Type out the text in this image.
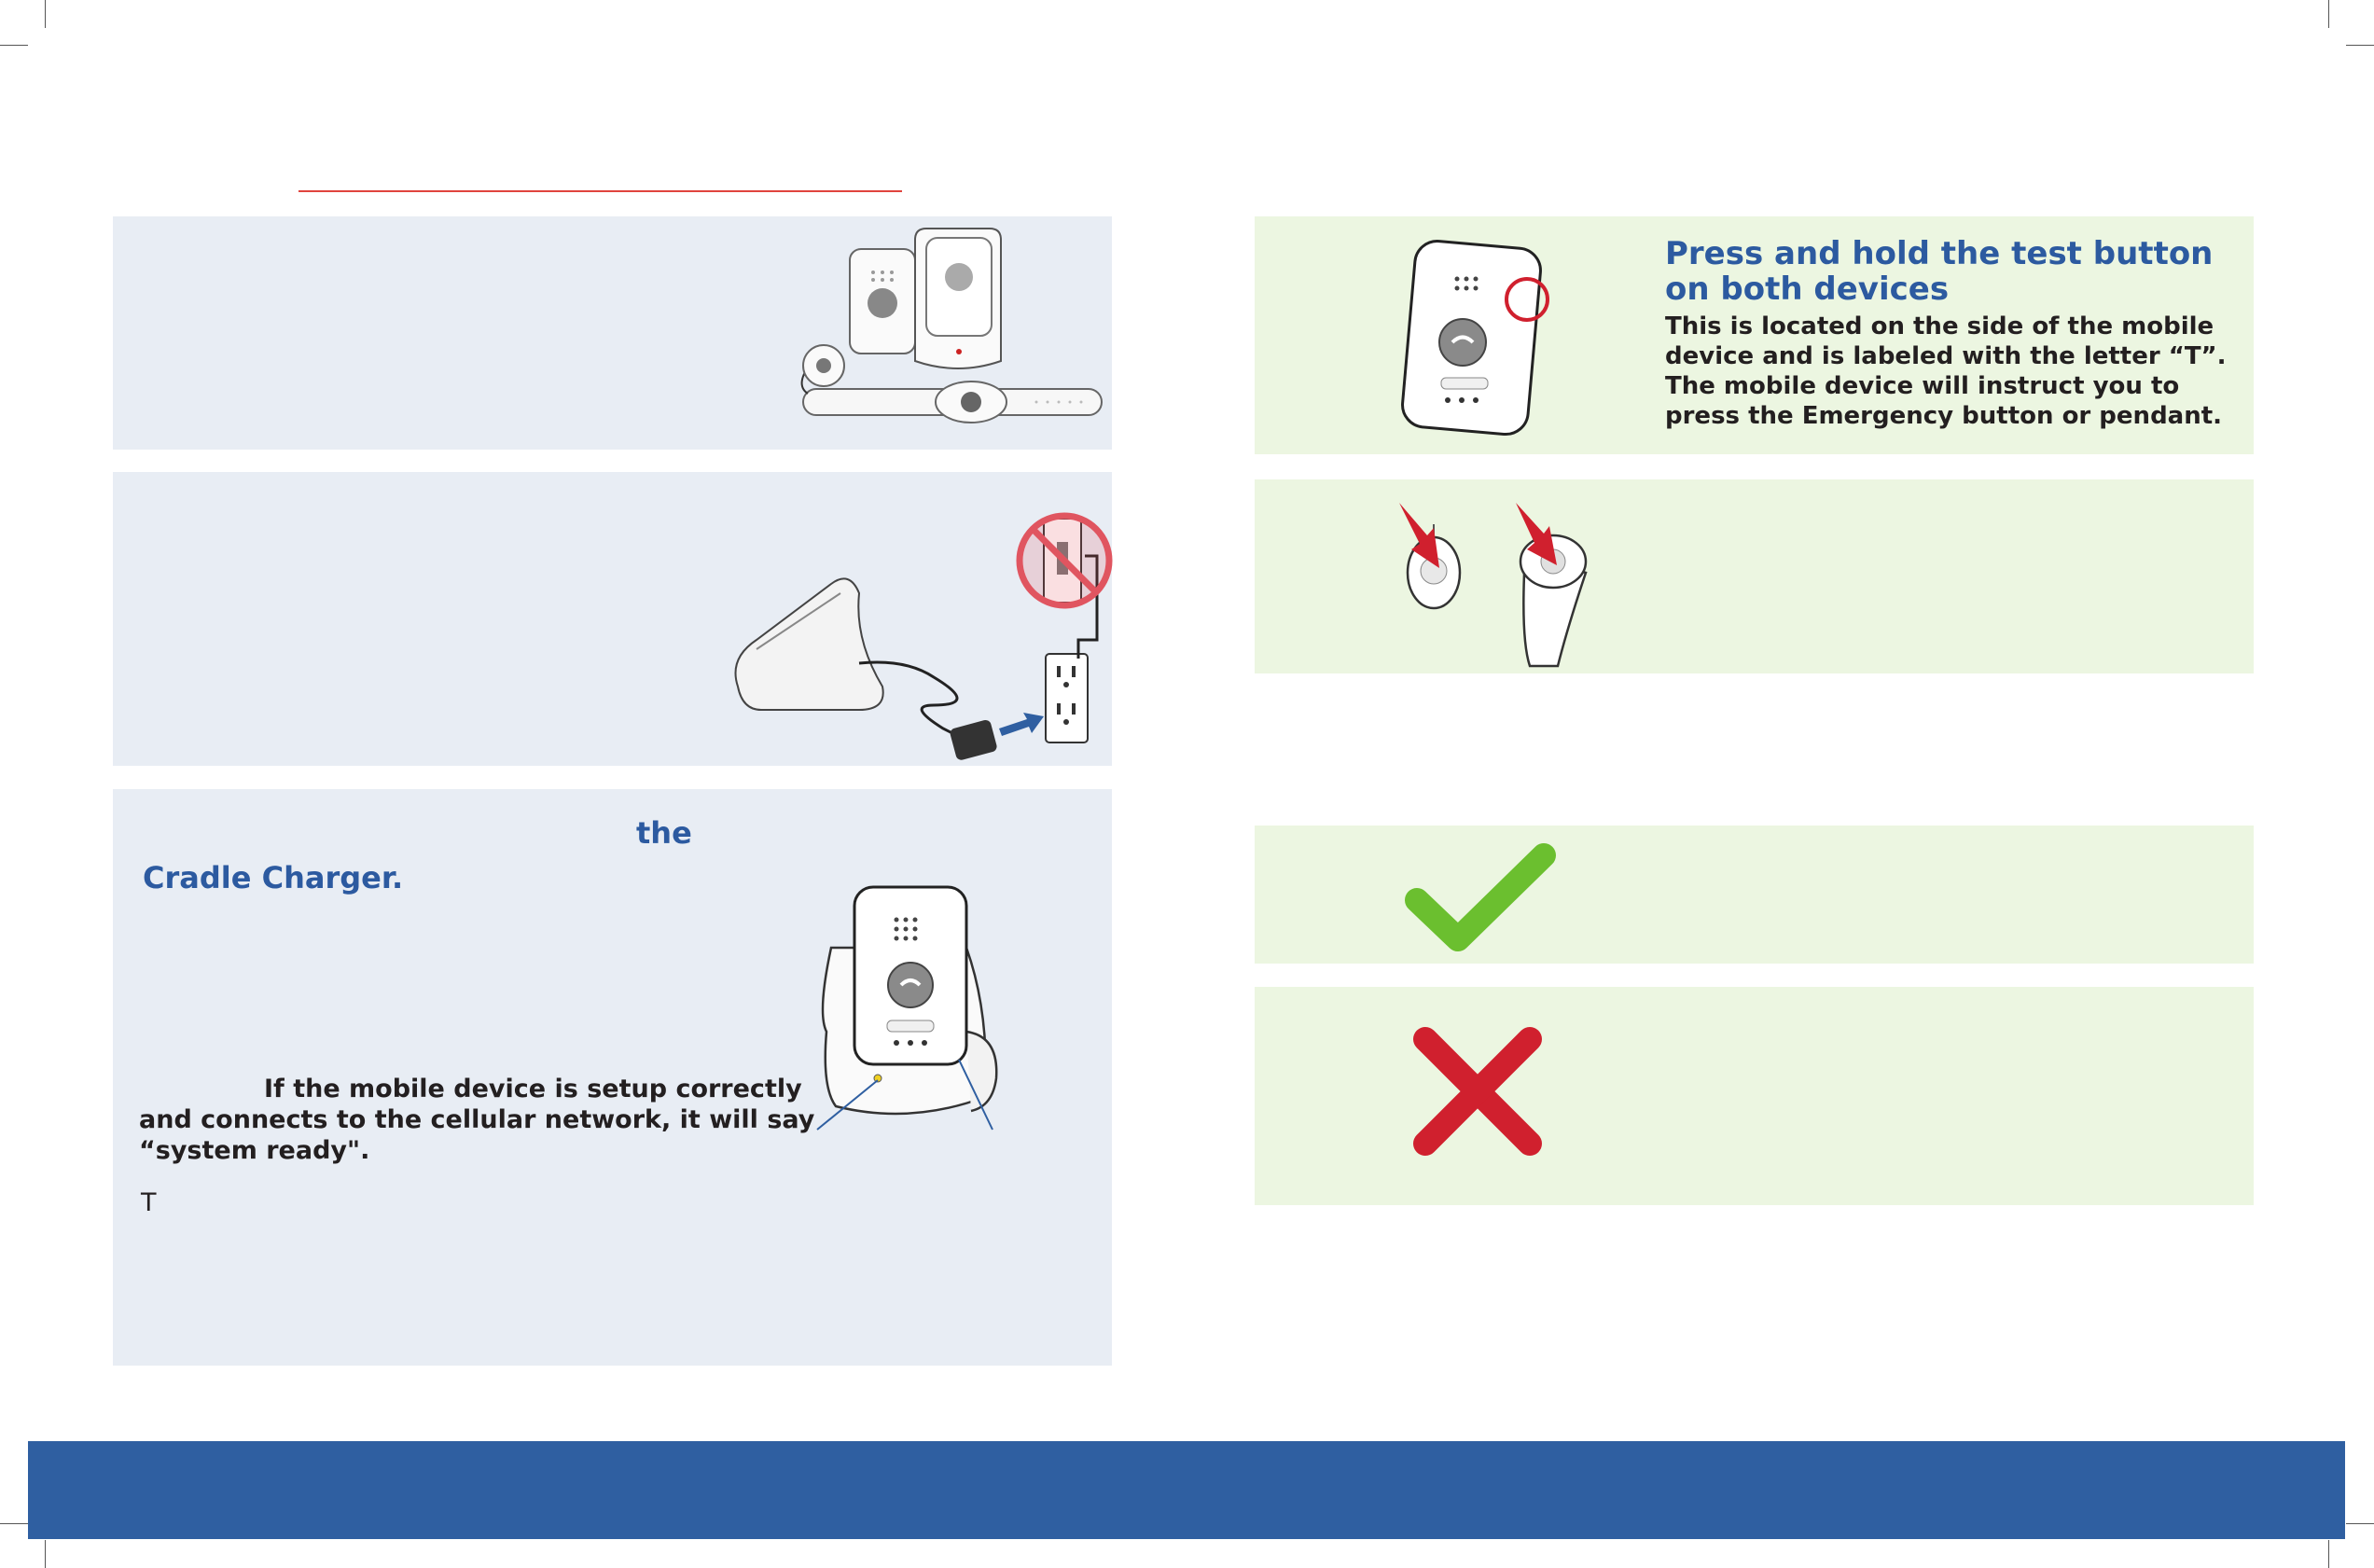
the
Cradle Charger.
If the mobile device is setup correctly
and connects to the cellular network, it will say
“system ready".
T
Press and hold the test button
on both devices
This is located on the side of the mobile
device and is labeled with the letter “T”.
The mobile device will instruct you to
press the Emergency button or pendant.
